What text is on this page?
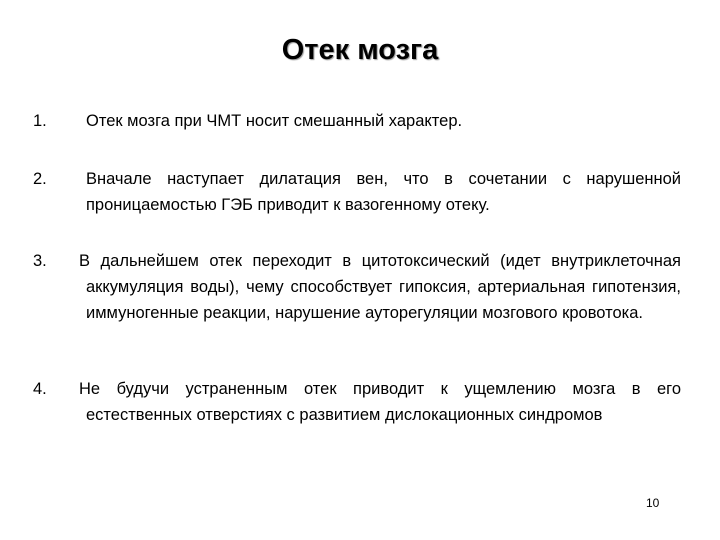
Отек мозга
1. Отек мозга при ЧМТ носит смешанный характер.
2. Вначале наступает дилатация вен, что в сочетании с нарушенной проницаемостью ГЭБ приводит к вазогенному отеку.
3.	В дальнейшем отек переходит в цитотоксический (идет внутриклеточная аккумуляция воды), чему способствует гипоксия, артериальная гипотензия, иммуногенные реакции, нарушение ауторегуляции мозгового кровотока.
4.	Не будучи устраненным отек приводит к ущемлению мозга в его естественных отверстиях с развитием дислокационных синдромов
10
